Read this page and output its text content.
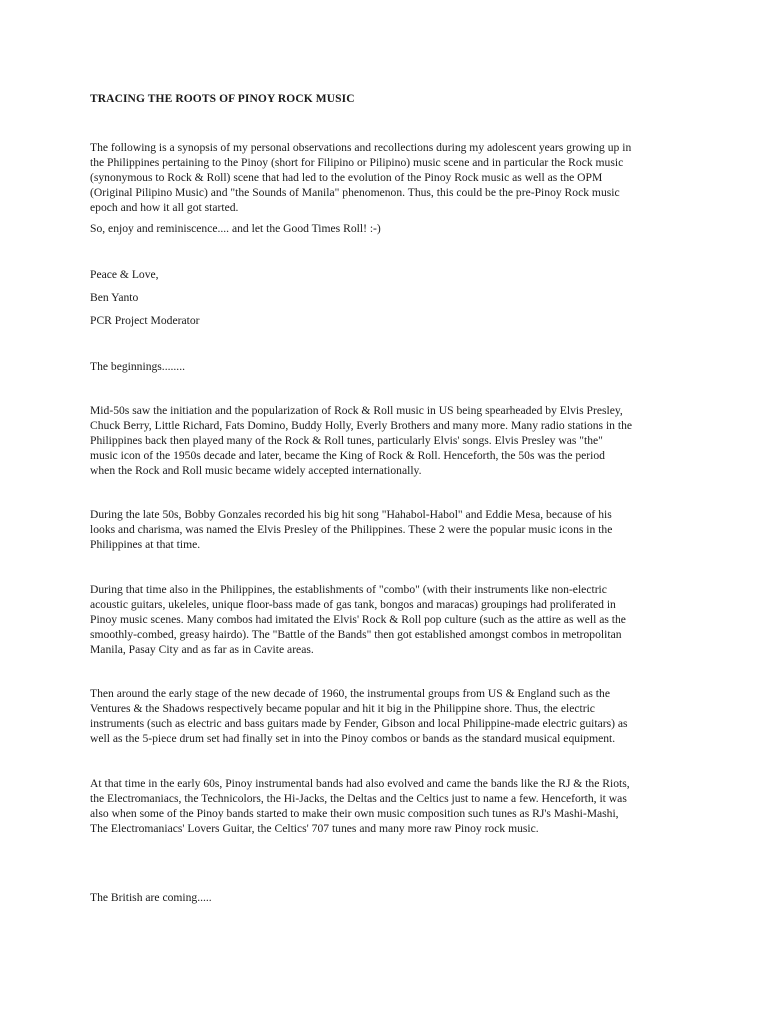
TRACING THE ROOTS OF PINOY ROCK MUSIC

The following is a synopsis of my personal observations and recollections during my adolescent years growing up in
the Philippines pertaining to the Pinoy (short for Filipino or Pilipino) music scene and in particular the Rock music
(synonymous to Rock & Roll) scene that had led to the evolution of the Pinoy Rock music as well as the OPM
(Original Pilipino Music) and "the Sounds of Manila" phenomenon. Thus, this could be the pre-Pinoy Rock music
epoch and how it all got started.

So, enjoy and reminiscence.... and let the Good Times Roll! :-)

Peace & Love,

Ben Yanto

PCR Project Moderator

The beginnings........

Mid-50s saw the initiation and the popularization of Rock & Roll music in US being spearheaded by Elvis Presley,
Chuck Berry, Little Richard, Fats Domino, Buddy Holly, Everly Brothers and many more. Many radio stations in the
Philippines back then played many of the Rock & Roll tunes, particularly Elvis' songs. Elvis Presley was "the"
music icon of the 1950s decade and later, became the King of Rock & Roll. Henceforth, the 50s was the period
when the Rock and Roll music became widely accepted internationally.

During the late 50s, Bobby Gonzales recorded his big hit song "Hahabol-Habol" and Eddie Mesa, because of his
looks and charisma, was named the Elvis Presley of the Philippines. These 2 were the popular music icons in the
Philippines at that time.

During that time also in the Philippines, the establishments of "combo" (with their instruments like non-electric
acoustic guitars, ukeleles, unique floor-bass made of gas tank, bongos and maracas) groupings had proliferated in
Pinoy music scenes. Many combos had imitated the Elvis' Rock & Roll pop culture (such as the attire as well as the
smoothly-combed, greasy hairdo). The "Battle of the Bands" then got established amongst combos in metropolitan
Manila, Pasay City and as far as in Cavite areas.

Then around the early stage of the new decade of 1960, the instrumental groups from US & England such as the
Ventures & the Shadows respectively became popular and hit it big in the Philippine shore. Thus, the electric
instruments (such as electric and bass guitars made by Fender, Gibson and local Philippine-made electric guitars) as
well as the 5-piece drum set had finally set in into the Pinoy combos or bands as the standard musical equipment.

At that time in the early 60s, Pinoy instrumental bands had also evolved and came the bands like the RJ & the Riots,
the Electromaniacs, the Technicolors, the Hi-Jacks, the Deltas and the Celtics just to name a few. Henceforth, it was
also when some of the Pinoy bands started to make their own music composition such tunes as RJ's Mashi-Mashi,
The Electromaniacs' Lovers Guitar, the Celtics' 707 tunes and many more raw Pinoy rock music.

The British are coming.....
